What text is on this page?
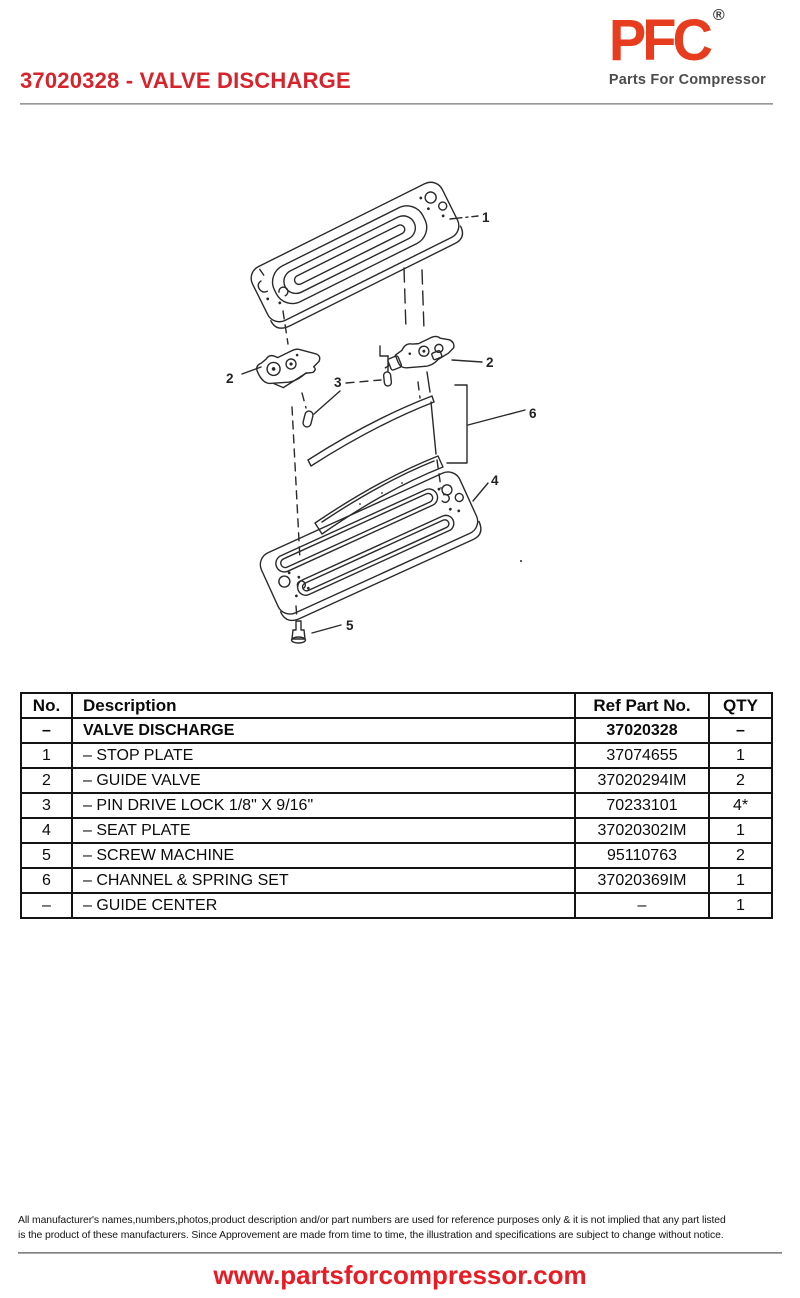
37020328 - VALVE DISCHARGE
PFC ®
Parts For Compressor
1
2
2
3
4
5
6
No.	Description	Ref Part No.	QTY
–	VALVE DISCHARGE	37020328	–
1	– STOP PLATE	37074655	1
2	– GUIDE VALVE	37020294IM	2
3	– PIN DRIVE LOCK 1/8" X 9/16"	70233101	4*
4	– SEAT PLATE	37020302IM	1
5	– SCREW MACHINE	95110763	2
6	– CHANNEL & SPRING SET	37020369IM	1
–	– GUIDE CENTER	–	1
All manufacturer's names,numbers,photos,product description and/or part numbers are used for reference purposes only & it is not implied that any part listed
is the product of these manufacturers. Since Approvement are made from time to time, the illustration and specifications are subject to change without notice.
www.partsforcompressor.com
